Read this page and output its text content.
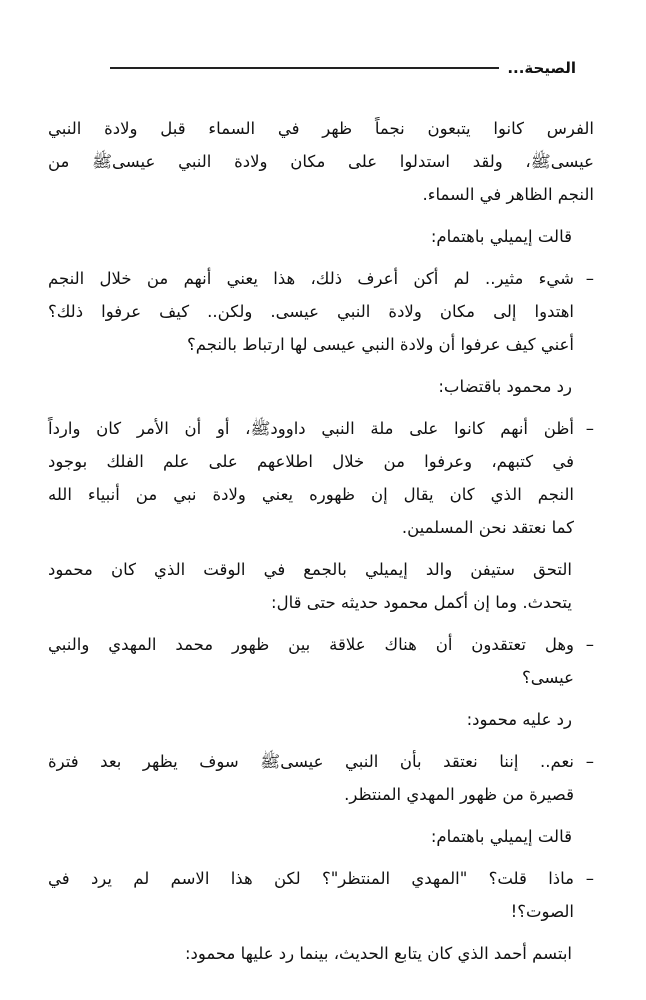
الصيحة...
الفرس كانوا يتبعون نجماً ظهر في السماء قبل ولادة النبي
عيسىﷺ، ولقد استدلوا على مكان ولادة النبي عيسىﷺ من
النجم الظاهر في السماء.
قالت إيميلي باهتمام:
–
شيء مثير.. لم أكن أعرف ذلك، هذا يعني أنهم من خلال النجم
اهتدوا إلى مكان ولادة النبي عيسى. ولكن.. كيف عرفوا ذلك؟
أعني كيف عرفوا أن ولادة النبي عيسى لها ارتباط بالنجم؟
رد محمود باقتضاب:
–
أظن أنهم كانوا على ملة النبي داوودﷺ، أو أن الأمر كان وارداً
في كتبهم، وعرفوا من خلال اطلاعهم على علم الفلك بوجود
النجم الذي كان يقال إن ظهوره يعني ولادة نبي من أنبياء الله
كما نعتقد نحن المسلمين.
التحق ستيفن والد إيميلي بالجمع في الوقت الذي كان محمود
يتحدث. وما إن أكمل محمود حديثه حتى قال:
–
وهل تعتقدون أن هناك علاقة بين ظهور محمد المهدي والنبي
عيسى؟
رد عليه محمود:
–
نعم.. إننا نعتقد بأن النبي عيسىﷺ سوف يظهر بعد فترة
قصيرة من ظهور المهدي المنتظر.
قالت إيميلي باهتمام:
–
ماذا قلت؟ "المهدي المنتظر"؟ لكن هذا الاسم لم يرد في
الصوت؟!
ابتسم أحمد الذي كان يتابع الحديث، بينما رد عليها محمود:
